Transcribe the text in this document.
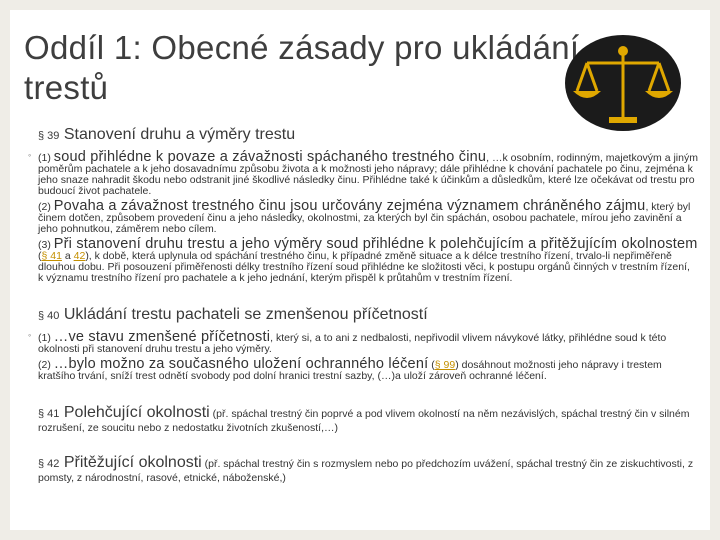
Oddíl 1: Obecné zásady pro ukládání
trestů
§ 39 Stanovení druhu a výměry trestu
◦ (1) soud přihlédne k povaze a závažnosti spáchaného trestného činu, …k osobním, rodinným, majetkovým a jiným poměrům pachatele a k jeho dosavadnímu způsobu života a k možnosti jeho nápravy; dále přihlédne k chování pachatele po činu, zejména k jeho snaze nahradit škodu nebo odstranit jiné škodlivé následky činu. Přihlédne také k účinkům a důsledkům, které lze očekávat od trestu pro budoucí život pachatele.
(2) Povaha a závažnost trestného činu jsou určovány zejména významem chráněného zájmu, který byl činem dotčen, způsobem provedení činu a jeho následky, okolnostmi, za kterých byl čin spáchán, osobou pachatele, mírou jeho zavinění a jeho pohnutkou, záměrem nebo cílem.
(3) Při stanovení druhu trestu a jeho výměry soud přihlédne k polehčujícím a přitěžujícím okolnostem (§ 41 a 42), k době, která uplynula od spáchání trestného činu, k případné změně situace a k délce trestního řízení, trvalo-li nepřiměřeně dlouhou dobu. Při posouzení přiměřenosti délky trestního řízení soud přihlédne ke složitosti věci, k postupu orgánů činných v trestním řízení, k významu trestního řízení pro pachatele a k jeho jednání, kterým přispěl k průtahům v trestním řízení.
§ 40 Ukládání trestu pachateli se zmenšenou příčetností
◦ (1) …ve stavu zmenšené příčetnosti, který si, a to ani z nedbalosti, nepřivodil vlivem návykové látky, přihlédne soud k této okolnosti při stanovení druhu trestu a jeho výměry.
(2) …bylo možno za současného uložení ochranného léčení (§ 99) dosáhnout možnosti jeho nápravy i trestem kratšího trvání, sníží trest odnětí svobody pod dolní hranici trestní sazby, (…)a uloží zároveň ochranné léčení.
§ 41 Polehčující okolnosti (př. spáchal trestný čin poprvé a pod vlivem okolností na něm nezávislých, spáchal trestný čin v silném rozrušení, ze soucitu nebo z nedostatku životních zkušeností,…)
§ 42 Přitěžující okolnosti (př. spáchal trestný čin s rozmyslem nebo po předchozím uvážení, spáchal trestný čin ze ziskuchtivosti, z pomsty, z národnostní, rasové, etnické, náboženské,)
